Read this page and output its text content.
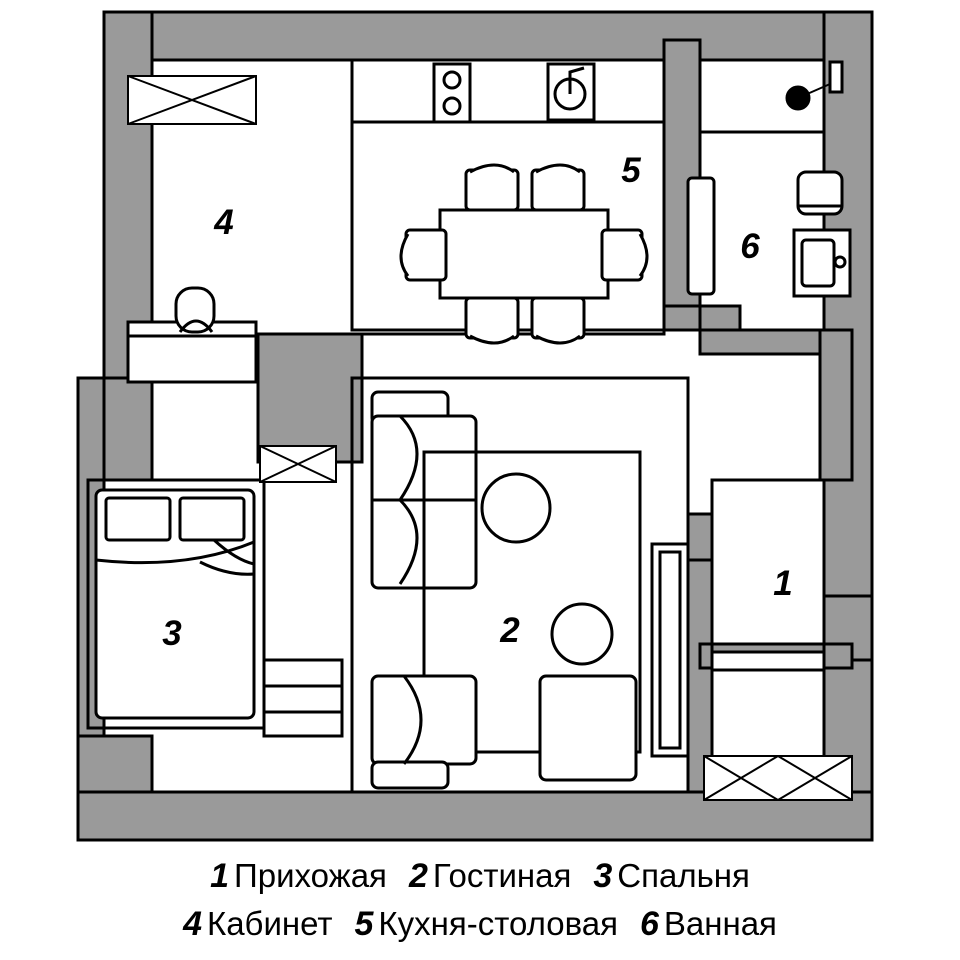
4
5
6
1
2
3
1 Прихожая 2 Гостиная 3 Спальня
4 Кабинет 5 Кухня-столовая 6 Ванная
